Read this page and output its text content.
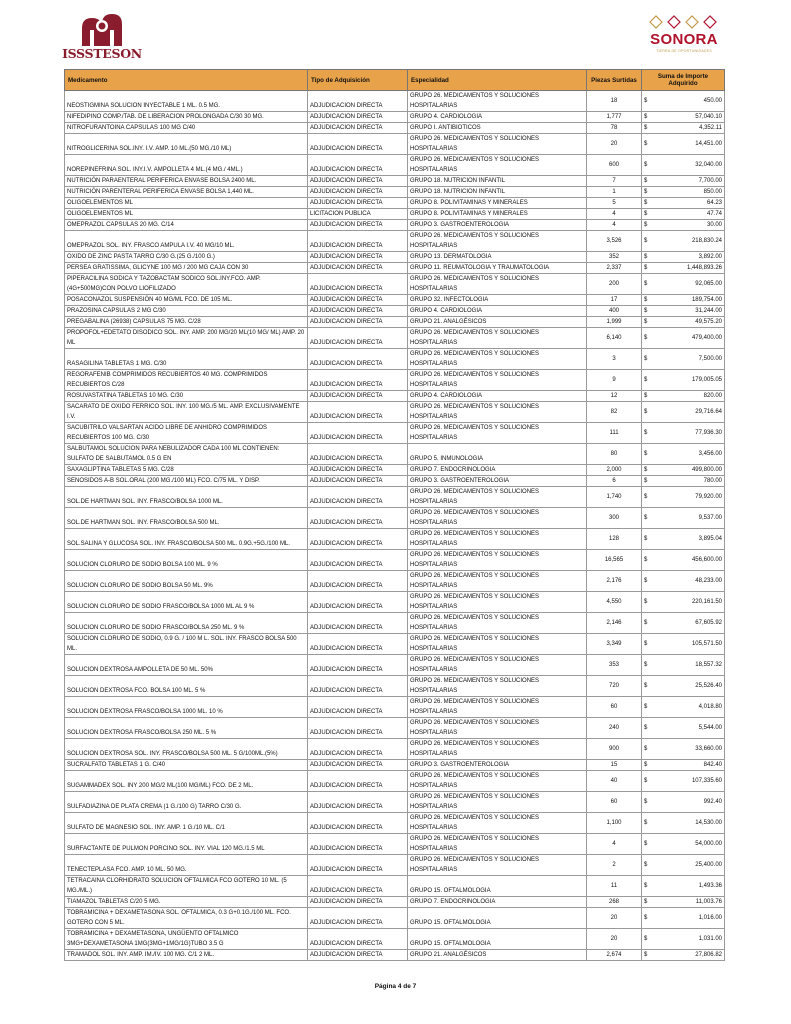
ISSSTESON
SONORA
TIERRA DE OPORTUNIDADES
Medicamento	Tipo de Adquisición	Especialidad	Piezas Surtidas	Suma de Importe Adquirido
NEOSTIGMINA SOLUCION INYECTABLE 1 ML. 0.5 MG.	ADJUDICACION DIRECTA	GRUPO 26. MEDICAMENTOS Y SOLUCIONES HOSPITALARIAS	18	$ 450.00

NIFEDIPINO COMP./TAB. DE LIBERACION PROLONGADA C/30 30 MG.	ADJUDICACION DIRECTA	GRUPO 4. CARDIOLOGIA	1,777	$ 57,040.10

NITROFURANTOINA CAPSULAS 100 MG C/40	ADJUDICACION DIRECTA	GRUPO I. ANTIBIOTICOS	78	$ 4,352.11

NITROGLICERINA SOL.INY. I.V. AMP. 10 ML.(50 MG./10 ML)	ADJUDICACION DIRECTA	GRUPO 26. MEDICAMENTOS Y SOLUCIONES HOSPITALARIAS	20	$ 14,451.00

NOREPINEFRINA SOL. INY.I.V. AMPOLLETA 4 ML.(4 MG./ 4ML.)	ADJUDICACION DIRECTA	GRUPO 26. MEDICAMENTOS Y SOLUCIONES HOSPITALARIAS	600	$ 32,040.00

NUTRICIÓN PARAENTERAL PERIFERICA ENVASE BOLSA 2400 ML.	ADJUDICACION DIRECTA	GRUPO 18. NUTRICION INFANTIL	7	$ 7,700.00

NUTRICIÓN PARENTERAL PERIFERICA ENVASE BOLSA 1,440 ML.	ADJUDICACION DIRECTA	GRUPO 18. NUTRICION INFANTIL	1	$ 850.00

OLIGOELEMENTOS ML	ADJUDICACION DIRECTA	GRUPO 8. POLIVITAMINAS Y MINERALES	5	$ 64.23

OLIGOELEMENTOS ML	LICITACION PUBLICA	GRUPO 8. POLIVITAMINAS Y MINERALES	4	$ 47.74

OMEPRAZOL CAPSULAS 20 MG. C/14	ADJUDICACION DIRECTA	GRUPO 3. GASTROENTEROLOGIA	4	$ 30.00

OMEPRAZOL SOL. INY. FRASCO AMPULA I.V. 40 MG/10 ML.	ADJUDICACION DIRECTA	GRUPO 26. MEDICAMENTOS Y SOLUCIONES HOSPITALARIAS	3,526	$ 218,830.24

OXIDO DE ZINC PASTA TARRO C/30 G.(25 G./100 G.)	ADJUDICACION DIRECTA	GRUPO 13. DERMATOLOGIA	352	$ 3,892.00

PERSEA GRATISSIMA, GLICYNE 100 MG / 200 MG CAJA CON 30	ADJUDICACION DIRECTA	GRUPO 11. REUMATOLOGIA Y TRAUMATOLOGIA	2,337	$ 1,448,893.26

PIPERACILINA SODICA Y TAZOBACTAM SODICO SOL.INY.FCO. AMP.(4G+500MG)CON POLVO LIOFILIZADO	ADJUDICACION DIRECTA	GRUPO 26. MEDICAMENTOS Y SOLUCIONES HOSPITALARIAS	200	$ 92,065.00

POSACONAZOL SUSPENSIÓN 40 MG/ML FCO. DE 105 ML.	ADJUDICACION DIRECTA	GRUPO 32. INFECTOLOGIA	17	$ 189,754.00

PRAZOSINA CAPSULAS 2 MG C/30	ADJUDICACION DIRECTA	GRUPO 4. CARDIOLOGIA	400	$ 31,244.00

PREGABALINA (26938) CAPSULAS 75 MG. C/28	ADJUDICACION DIRECTA	GRUPO 21. ANALGÉSICOS	1,999	$ 49,575.20

PROPOFOL+EDETATO DISODICO SOL. INY. AMP. 200 MG/20 ML(10 MG/ ML) AMP. 20 ML	ADJUDICACION DIRECTA	GRUPO 26. MEDICAMENTOS Y SOLUCIONES HOSPITALARIAS	6,140	$ 479,400.00

RASAGILINA TABLETAS 1 MG. C/30	ADJUDICACION DIRECTA	GRUPO 26. MEDICAMENTOS Y SOLUCIONES HOSPITALARIAS	3	$ 7,500.00

REGORAFENIB COMPRIMIDOS RECUBIERTOS 40 MG. COMPRIMIDOS RECUBIERTOS C/28	ADJUDICACION DIRECTA	GRUPO 26. MEDICAMENTOS Y SOLUCIONES HOSPITALARIAS	9	$ 179,005.05

ROSUVASTATINA TABLETAS 10 MG. C/30	ADJUDICACION DIRECTA	GRUPO 4. CARDIOLOGIA	12	$ 820.00

SACARATO DE OXIDO FERRICO SOL. INY. 100 MG./5 ML. AMP. EXCLUSIVAMENTE I.V.	ADJUDICACION DIRECTA	GRUPO 26. MEDICAMENTOS Y SOLUCIONES HOSPITALARIAS	82	$ 29,716.64

SACUBITRILO VALSARTAN ACIDO LIBRE DE ANHIDRO COMPRIMIDOS RECUBIERTOS 100 MG. C/30	ADJUDICACION DIRECTA	GRUPO 26. MEDICAMENTOS Y SOLUCIONES HOSPITALARIAS	111	$ 77,936.30

SALBUTAMOL SOLUCION PARA NEBULIZADOR CADA 100 ML CONTIENEN: SULFATO DE SALBUTAMOL 0.5 G EN	ADJUDICACION DIRECTA	GRUPO 5. INMUNOLOGIA	80	$ 3,456.00

SAXAGLIPTINA TABLETAS 5 MG. C/28	ADJUDICACION DIRECTA	GRUPO 7. ENDOCRINOLOGIA	2,000	$ 499,800.00

SENOSIDOS A-B SOL.ORAL (200 MG./100 ML) FCO. C/75 ML. Y DISP.	ADJUDICACION DIRECTA	GRUPO 3. GASTROENTEROLOGIA	6	$ 780.00

SOL.DE HARTMAN SOL. INY. FRASCO/BOLSA 1000 ML.	ADJUDICACION DIRECTA	GRUPO 26. MEDICAMENTOS Y SOLUCIONES HOSPITALARIAS	1,740	$ 79,920.00

SOL.DE HARTMAN SOL. INY. FRASCO/BOLSA 500 ML.	ADJUDICACION DIRECTA	GRUPO 26. MEDICAMENTOS Y SOLUCIONES HOSPITALARIAS	300	$ 9,537.00

SOL.SALINA Y GLUCOSA SOL. INY. FRASCO/BOLSA 500 ML. 0.9G.+5G./100 ML.	ADJUDICACION DIRECTA	GRUPO 26. MEDICAMENTOS Y SOLUCIONES HOSPITALARIAS	128	$ 3,895.04

SOLUCION CLORURO DE SODIO BOLSA 100 ML. 9 %	ADJUDICACION DIRECTA	GRUPO 26. MEDICAMENTOS Y SOLUCIONES HOSPITALARIAS	16,565	$ 456,600.00

SOLUCION CLORURO DE SODIO BOLSA 50 ML. 9%	ADJUDICACION DIRECTA	GRUPO 26. MEDICAMENTOS Y SOLUCIONES HOSPITALARIAS	2,176	$ 48,233.00

SOLUCION CLORURO DE SODIO FRASCO/BOLSA 1000 ML AL 9 %	ADJUDICACION DIRECTA	GRUPO 26. MEDICAMENTOS Y SOLUCIONES HOSPITALARIAS	4,550	$ 220,161.50

SOLUCION CLORURO DE SODIO FRASCO/BOLSA 250 ML. 9 %	ADJUDICACION DIRECTA	GRUPO 26. MEDICAMENTOS Y SOLUCIONES HOSPITALARIAS	2,146	$ 67,605.92

SOLUCION CLORURO DE SODIO, 0.9 G. / 100 M L. SOL. INY. FRASCO BOLSA 500 ML.	ADJUDICACION DIRECTA	GRUPO 26. MEDICAMENTOS Y SOLUCIONES HOSPITALARIAS	3,349	$ 105,571.50

SOLUCION DEXTROSA AMPOLLETA DE 50 ML. 50%	ADJUDICACION DIRECTA	GRUPO 26. MEDICAMENTOS Y SOLUCIONES HOSPITALARIAS	353	$ 18,557.32

SOLUCION DEXTROSA FCO. BOLSA 100 ML. 5 %	ADJUDICACION DIRECTA	GRUPO 26. MEDICAMENTOS Y SOLUCIONES HOSPITALARIAS	720	$ 25,526.40

SOLUCION DEXTROSA FRASCO/BOLSA 1000 ML. 10 %	ADJUDICACION DIRECTA	GRUPO 26. MEDICAMENTOS Y SOLUCIONES HOSPITALARIAS	60	$ 4,018.80

SOLUCION DEXTROSA FRASCO/BOLSA 250 ML. 5 %	ADJUDICACION DIRECTA	GRUPO 26. MEDICAMENTOS Y SOLUCIONES HOSPITALARIAS	240	$ 5,544.00

SOLUCION DEXTROSA SOL. INY. FRASCO/BOLSA 500 ML. 5 G/100ML.(5%)	ADJUDICACION DIRECTA	GRUPO 26. MEDICAMENTOS Y SOLUCIONES HOSPITALARIAS	900	$ 33,660.00

SUCRALFATO TABLETAS 1 G. C/40	ADJUDICACION DIRECTA	GRUPO 3. GASTROENTEROLOGIA	15	$ 842.40

SUGAMMADEX SOL. INY 200 MG/2 ML(100 MG/ML) FCO. DE 2 ML.	ADJUDICACION DIRECTA	GRUPO 26. MEDICAMENTOS Y SOLUCIONES HOSPITALARIAS	40	$ 107,335.60

SULFADIAZINA DE PLATA CREMA (1 G./100 G) TARRO C/30 G.	ADJUDICACION DIRECTA	GRUPO 26. MEDICAMENTOS Y SOLUCIONES HOSPITALARIAS	60	$ 992.40

SULFATO DE MAGNESIO SOL. INY. AMP. 1 G./10 ML. C/1	ADJUDICACION DIRECTA	GRUPO 26. MEDICAMENTOS Y SOLUCIONES HOSPITALARIAS	1,100	$ 14,530.00

SURFACTANTE DE PULMON PORCINO SOL. INY. VIAL 120 MG./1.5 ML	ADJUDICACION DIRECTA	GRUPO 26. MEDICAMENTOS Y SOLUCIONES HOSPITALARIAS	4	$ 54,000.00

TENECTEPLASA FCO. AMP. 10 ML. 50 MG.	ADJUDICACION DIRECTA	GRUPO 26. MEDICAMENTOS Y SOLUCIONES HOSPITALARIAS	2	$ 25,400.00

TETRACAINA CLORHIDRATO SOLUCION OFTALMICA FCO GOTERO 10 ML. (5 MG./ML.)	ADJUDICACION DIRECTA	GRUPO 15. OFTALMOLOGIA	11	$ 1,493.36

TIAMAZOL TABLETAS C/20 5 MG.	ADJUDICACION DIRECTA	GRUPO 7. ENDOCRINOLOGIA	268	$ 11,003.76

TOBRAMICINA + DEXAMETASONA SOL. OFTALMICA, 0.3 G+0.1G./100 ML. FCO. GOTERO CON 5 ML.	ADJUDICACION DIRECTA	GRUPO 15. OFTALMOLOGIA	20	$ 1,016.00

TOBRAMICINA + DEXAMETASONA, UNGÜENTO OFTALMICO 3MG+DEXAMETASONA 1MG(3MG+1MG/1G)TUBO 3.5 G	ADJUDICACION DIRECTA	GRUPO 15. OFTALMOLOGIA	20	$ 1,031.00

TRAMADOL SOL. INY. AMP. IM./IV. 100 MG. C/1 2 ML.	ADJUDICACION DIRECTA	GRUPO 21. ANALGÉSICOS	2,674	$ 27,806.82
Página 4 de 7
